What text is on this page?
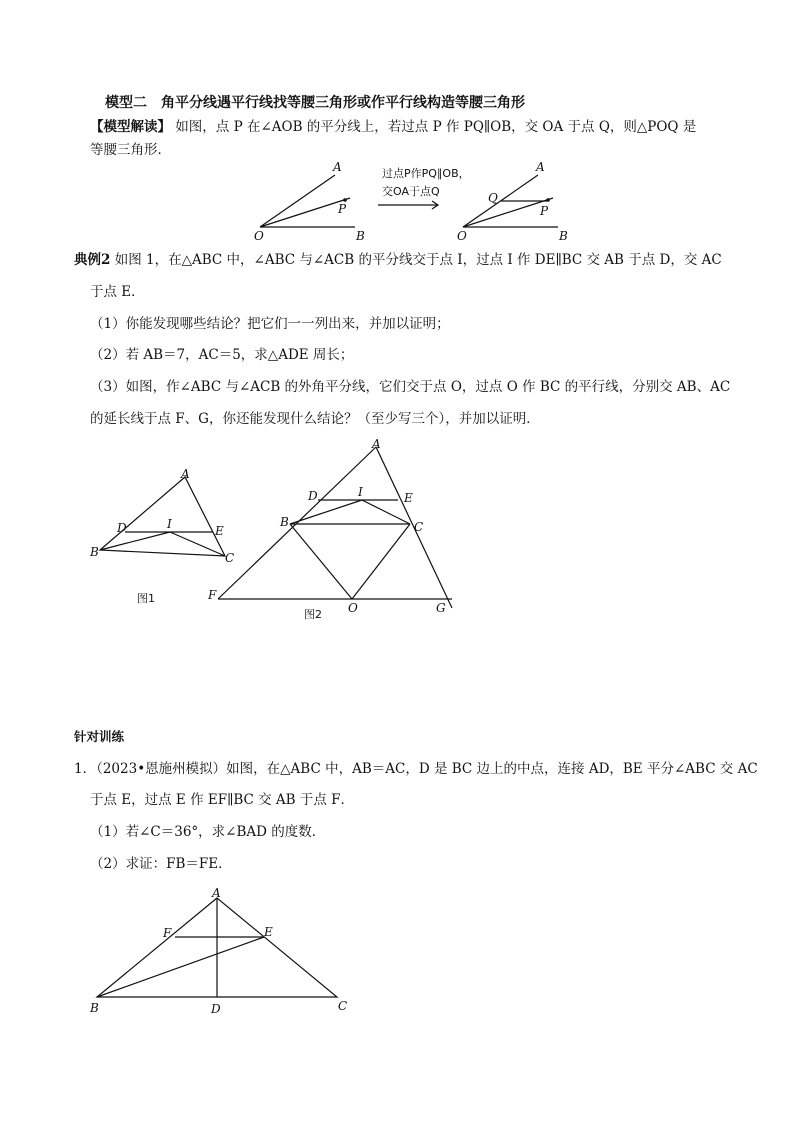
模型二　角平分线遇平行线找等腰三角形或作平行线构造等腰三角形
【模型解读】 如图，点 P 在∠AOB 的平分线上，若过点 P 作 PQ∥OB，交 OA 于点 Q，则△POQ 是
等腰三角形．
A
O	B
P
过点P作PQ∥OB，
交OA于点Q
A
O	B
P
Q
典例2 如图 1，在△ABC 中，∠ABC 与∠ACB 的平分线交于点 I，过点 I 作 DE∥BC 交 AB 于点 D，交 AC
于点 E．
（1）你能发现哪些结论？把它们一一列出来，并加以证明；
（2）若 AB＝7，AC＝5，求△ADE 周长；
（3）如图，作∠ABC 与∠ACB 的外角平分线，它们交于点 O，过点 O 作 BC 的平行线，分别交 AB、AC
的延长线于点 F、G，你还能发现什么结论？（至少写三个），并加以证明．
A
D	I	E
B	C
图1
A
D	I	E
B	C
F
O	G
图2
针对训练
1．（2023•恩施州模拟）如图，在△ABC 中，AB＝AC，D 是 BC 边上的中点，连接 AD，BE 平分∠ABC 交 AC
于点 E，过点 E 作 EF∥BC 交 AB 于点 F．
（1）若∠C＝36°，求∠BAD 的度数．
（2）求证：FB＝FE．
A
F	E
B	D	C
